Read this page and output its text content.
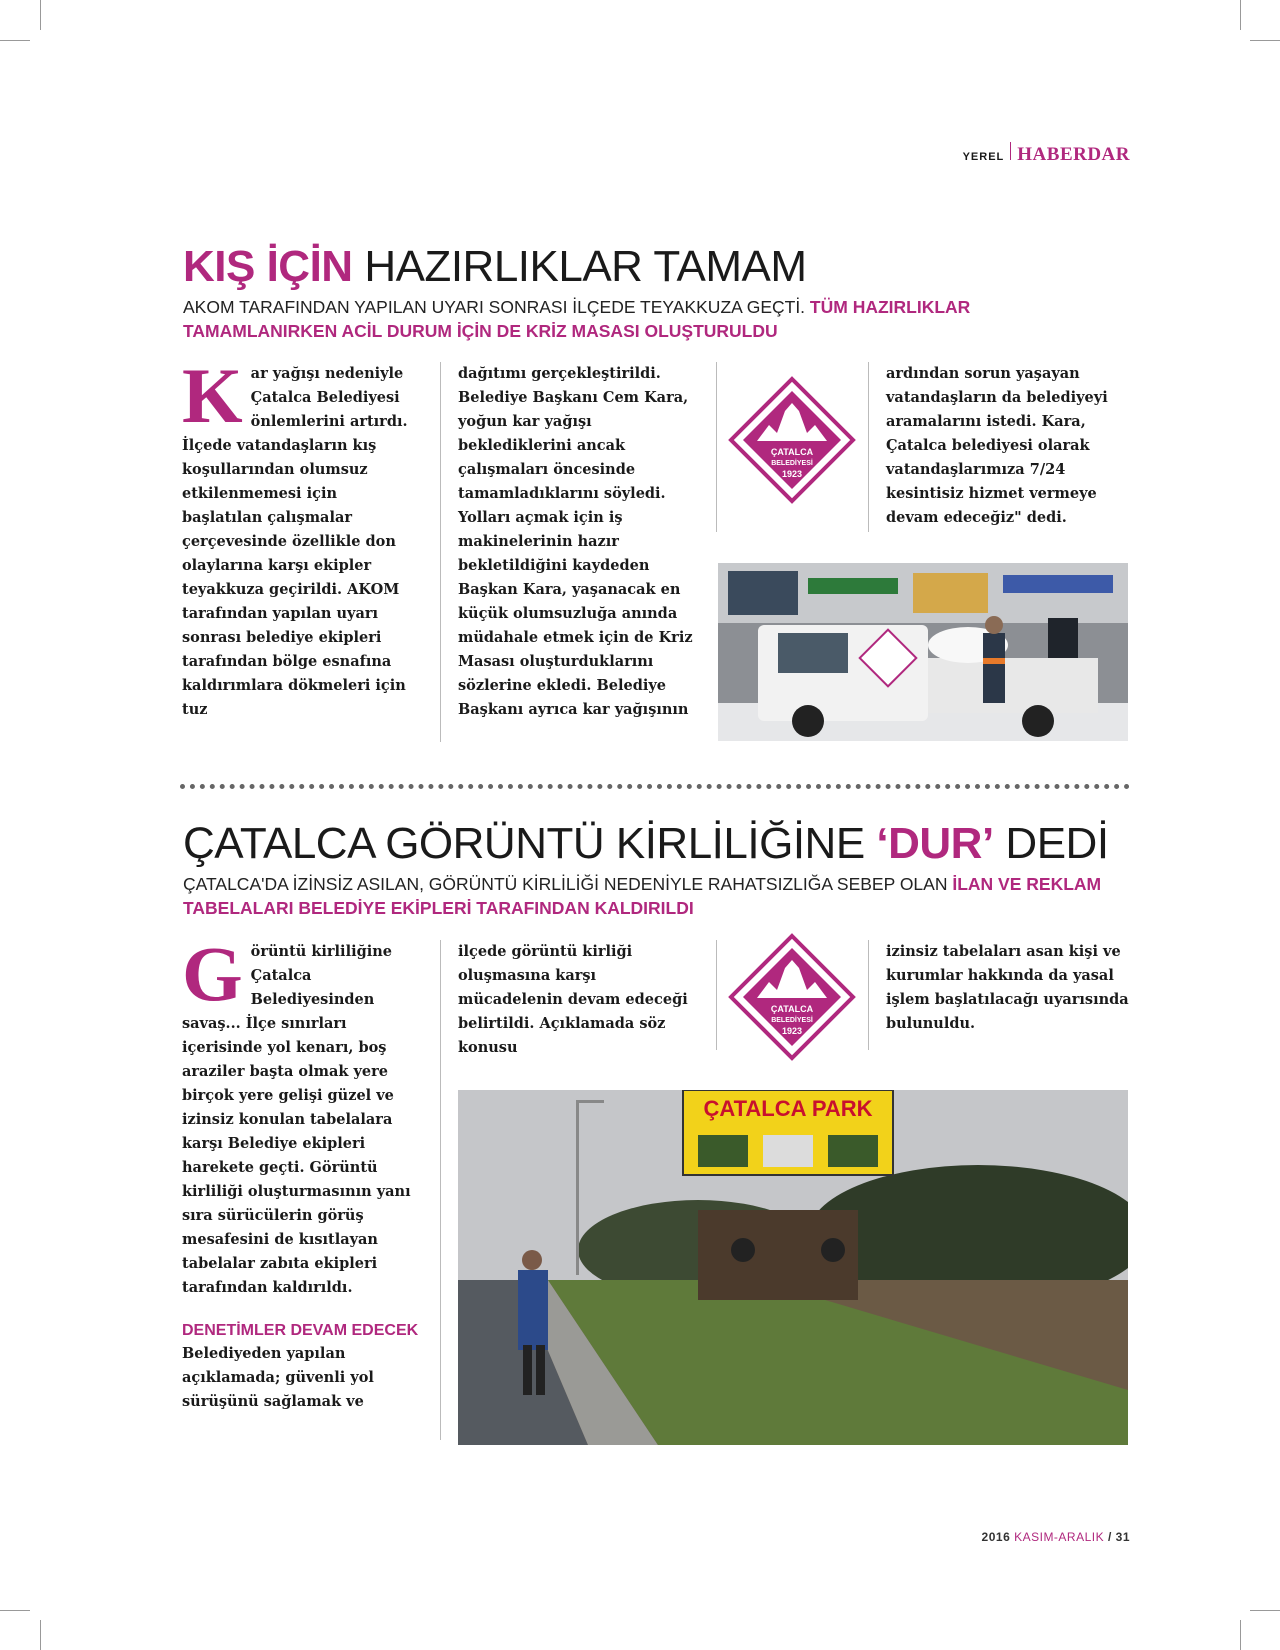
YEREL HABERDAR
KIŞ İÇİN HAZIRLIKLAR TAMAM
AKOM TARAFINDAN YAPILAN UYARI SONRASI İLÇEDE TEYAKKUZA GEÇTİ. TÜM HAZIRLIKLAR TAMAMLANIRKEN ACİL DURUM İÇİN DE KRİZ MASASI OLUŞTURULDU
K ar yağışı nedeniyle Çatalca Belediyesi önlemlerini artırdı. İlçede vatandaşların kış koşullarından olumsuz etkilenmemesi için başlatılan çalışmalar çerçevesinde özellikle don olaylarına karşı ekipler teyakkuza geçirildi. AKOM tarafından yapılan uyarı sonrası belediye ekipleri tarafından bölge esnafına kaldırımlara dökmeleri için tuz

dağıtımı gerçekleştirildi. Belediye Başkanı Cem Kara, yoğun kar yağışı beklediklerini ancak çalışmaları öncesinde tamamladıklarını söyledi. Yolları açmak için iş makinelerinin hazır bekletildiğini kaydeden Başkan Kara, yaşanacak en küçük olumsuzluğa anında müdahale etmek için de Kriz Masası oluşturduklarını sözlerine ekledi. Belediye Başkanı ayrıca kar yağışının

ÇATALCA
BELEDİYESİ
1923

ardından sorun yaşayan vatandaşların da belediyeyi aramalarını istedi. Kara, Çatalca belediyesi olarak vatandaşlarımıza 7/24 kesintisiz hizmet vermeye devam edeceğiz" dedi.

ÇATALCA GÖRÜNTÜ KİRLİLİĞİNE ‘DUR’ DEDİ
ÇATALCA'DA İZİNSİZ ASILAN, GÖRÜNTÜ KİRLİLİĞİ NEDENİYLE RAHATSIZLIĞA SEBEP OLAN İLAN VE REKLAM TABELALARI BELEDİYE EKİPLERİ TARAFINDAN KALDIRILDI
G örüntü kirliliğine Çatalca Belediyesinden savaş... İlçe sınırları içerisinde yol kenarı, boş araziler başta olmak yere birçok yere gelişi güzel ve izinsiz konulan tabelalara karşı Belediye ekipleri harekete geçti. Görüntü kirliliği oluşturmasının yanı sıra sürücülerin görüş mesafesini de kısıtlayan tabelalar zabıta ekipleri tarafından kaldırıldı.

DENETİMLER DEVAM EDECEK

Belediyeden yapılan açıklamada; güvenli yol sürüşünü sağlamak ve

ilçede görüntü kirliği oluşmasına karşı mücadelenin devam edeceği belirtildi. Açıklamada söz konusu

ÇATALCA
BELEDİYESİ
1923

izinsiz tabelaları asan kişi ve kurumlar hakkında da yasal işlem başlatılacağı uyarısında bulunuldu.

ÇATALCA PARK
2016 KASIM-ARALIK / 31
